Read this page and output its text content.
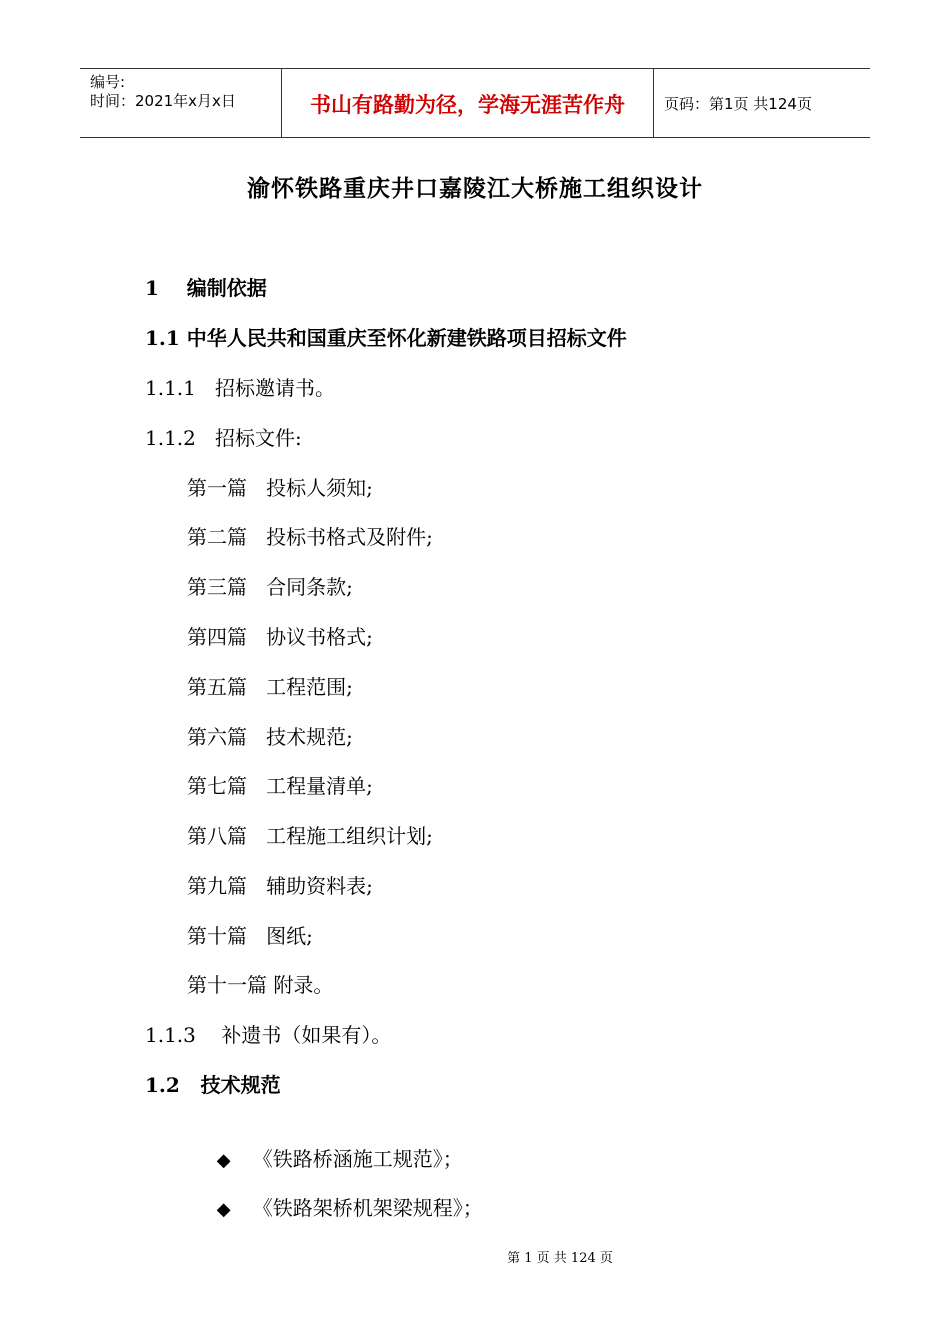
编号:
时间：2021年x月x日	书山有路勤为径，学海无涯苦作舟	页码：第1页 共124页
渝怀铁路重庆井口嘉陵江大桥施工组织设计
1    编制依据
1.1 中华人民共和国重庆至怀化新建铁路项目招标文件
1.1.1   招标邀请书。
1.1.2   招标文件:
第一篇   投标人须知;
第二篇   投标书格式及附件;
第三篇   合同条款;
第四篇   协议书格式;
第五篇   工程范围;
第六篇   技术规范;
第七篇   工程量清单;
第八篇   工程施工组织计划;
第九篇   辅助资料表;
第十篇   图纸;
第十一篇 附录。
1.1.3    补遗书（如果有）。
1.2   技术规范

◆ 《铁路桥涵施工规范》；

◆ 《铁路架桥机架梁规程》；

第 1 页 共 124 页
